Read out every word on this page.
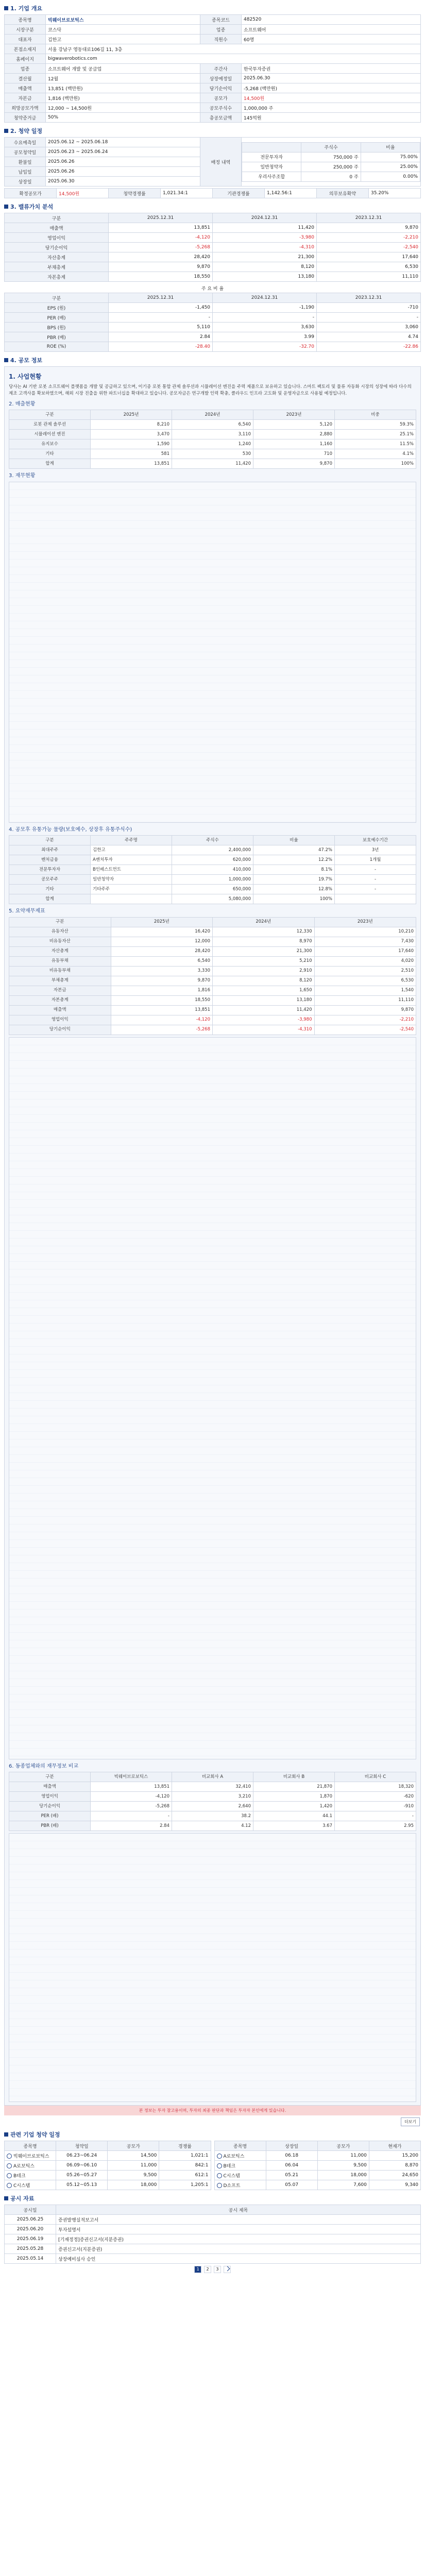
1. 기업 개요
종목명	빅웨이브로보틱스	종목코드	482520
시장구분	코스닥	업종	소프트웨어
대표자	김한고	직원수	60명
본점소재지	서울 강남구 영동대로106길 11, 3층		
홈페이지	bigwaverobotics.com		
업종	소프트웨어 개발 및 공급업	주간사	한국투자증권
결산월	12월	상장예정일	2025.06.30
매출액	13,851 (백만원)	당기순이익	-5,268 (백만원)
자본금	1,816 (백만원)	공모가	14,500원
희망공모가액	12,000 ~ 14,500원	공모주식수	1,000,000 주
청약증거금	50%	총공모금액	145억원
2. 청약 일정
수요예측일	2025.06.12 ~ 2025.06.18	배정 내역	
	주식수	비율
전문투자자	750,000 주	75.00%
일반청약자	250,000 주	25.00%
우리사주조합	0 주	0.00%

공모청약일	2025.06.23 ~ 2025.06.24
환불일	2025.06.26
납입일	2025.06.26
상장일	2025.06.30
확정공모가	14,500원	청약경쟁률	1,021.34:1	기관경쟁률	1,142.56:1	의무보유확약	35.20%
3. 밸류가치 분석
구분	2025.12.31	2024.12.31	2023.12.31
매출액	13,851	11,420	9,870
영업이익	-4,120	-3,980	-2,210
당기순이익	-5,268	-4,310	-2,540
자산총계	28,420	21,300	17,640
부채총계	9,870	8,120	6,530
자본총계	18,550	13,180	11,110
주 요 비 율
구분	2025.12.31	2024.12.31	2023.12.31
EPS (원)	-1,450	-1,190	-710
PER (배)	-	-	-
BPS (원)	5,110	3,630	3,060
PBR (배)	2.84	3.99	4.74
ROE (%)	-28.40	-32.70	-22.86
4. 공모 정보
1. 사업현황
당사는 AI 기반 로봇 소프트웨어 플랫폼을 개발 및 공급하고 있으며, 이기종 로봇 통합 관제 솔루션과 시뮬레이션 엔진을 주력 제품으로 보유하고 있습니다. 스마트 팩토리 및 물류 자동화 시장의 성장에 따라 다수의 제조 고객사를 확보하였으며, 해외 시장 진출을 위한 파트너십을 확대하고 있습니다. 공모자금은 연구개발 인력 확충, 클라우드 인프라 고도화 및 운영자금으로 사용될 예정입니다.
2. 매출현황
구분	2025년	2024년	2023년	비중
로봇 관제 솔루션	8,210	6,540	5,120	59.3%
시뮬레이션 엔진	3,470	3,110	2,880	25.1%
유지보수	1,590	1,240	1,160	11.5%
기타	581	530	710	4.1%
합계	13,851	11,420	9,870	100%
3. 재무현황
4. 공모후 유통가능 물량(보호예수, 상장후 유통주식수)
구분	주주명	주식수	비율	보호예수기간
최대주주	김한고	2,400,000	47.2%	3년
벤처금융	A벤처투자	620,000	12.2%	1개월
전문투자자	B인베스트먼트	410,000	8.1%	-
공모주주	일반청약자	1,000,000	19.7%	-
기타	기타주주	650,000	12.8%	-
합계		5,080,000	100%	
5. 요약재무제표
구분	2025년	2024년	2023년
유동자산	16,420	12,330	10,210
비유동자산	12,000	8,970	7,430
자산총계	28,420	21,300	17,640
유동부채	6,540	5,210	4,020
비유동부채	3,330	2,910	2,510
부채총계	9,870	8,120	6,530
자본금	1,816	1,650	1,540
자본총계	18,550	13,180	11,110
매출액	13,851	11,420	9,870
영업이익	-4,120	-3,980	-2,210
당기순이익	-5,268	-4,310	-2,540
6. 동종업체와의 재무정보 비교
구분	빅웨이브로보틱스	비교회사 A	비교회사 B	비교회사 C
매출액	13,851	32,410	21,870	18,320
영업이익	-4,120	3,210	1,870	-620
당기순이익	-5,268	2,640	1,420	-910
PER (배)	-	38.2	44.1	-
PBR (배)	2.84	4.12	3.67	2.95
본 정보는 투자 참고용이며, 투자의 최종 판단과 책임은 투자자 본인에게 있습니다.
더보기
관련 기업 청약 일정
종목명	청약일	공모가	경쟁률
빅웨이브로보틱스	06.23~06.24	14,500	1,021:1
A로보틱스	06.09~06.10	11,000	842:1
B테크	05.26~05.27	9,500	612:1
C시스템	05.12~05.13	18,000	1,205:1
종목명	상장일	공모가	현재가
A로보틱스	06.18	11,000	15,200
B테크	06.04	9,500	8,870
C시스템	05.21	18,000	24,650
D소프트	05.07	7,600	9,340
공시 자료
공시일	공시 제목
2025.06.25	증권발행실적보고서
2025.06.20	투자설명서
2025.06.19	[기재정정]증권신고서(지분증권)
2025.05.28	증권신고서(지분증권)
2025.05.14	상장예비심사 승인
1 2 3
